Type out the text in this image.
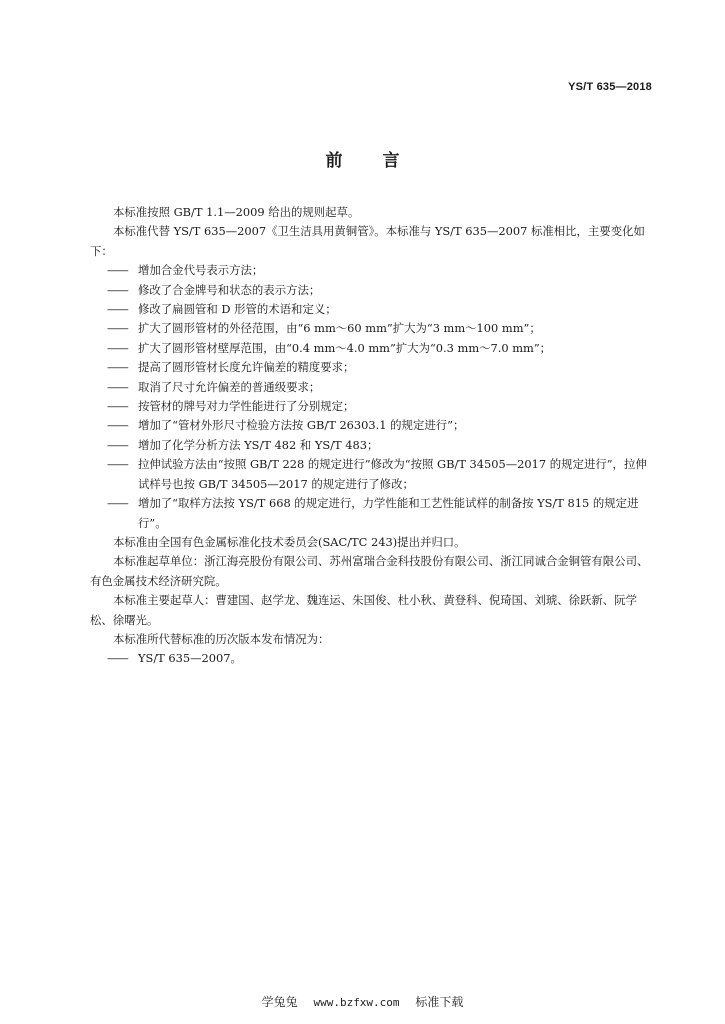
YS/T 635—2018
前 言

本标准按照 GB/T 1.1—2009 给出的规则起草。

本标准代替 YS/T 635—2007《卫生洁具用黄铜管》。本标准与 YS/T 635—2007 标准相比，主要变化如下：

—— 增加合金代号表示方法；

—— 修改了合金牌号和状态的表示方法；

—— 修改了扁圆管和 D 形管的术语和定义；

—— 扩大了圆形管材的外径范围，由“6 mm～60 mm”扩大为“3 mm～100 mm”；

—— 扩大了圆形管材壁厚范围，由“0.4 mm～4.0 mm”扩大为“0.3 mm～7.0 mm”；

—— 提高了圆形管材长度允许偏差的精度要求；

—— 取消了尺寸允许偏差的普通级要求；

—— 按管材的牌号对力学性能进行了分别规定；

—— 增加了“管材外形尺寸检验方法按 GB/T 26303.1 的规定进行”；

—— 增加了化学分析方法 YS/T 482 和 YS/T 483；

—— 拉伸试验方法由“按照 GB/T 228 的规定进行”修改为“按照 GB/T 34505—2017 的规定进行”，拉伸试样号也按 GB/T 34505—2017 的规定进行了修改；

—— 增加了“取样方法按 YS/T 668 的规定进行，力学性能和工艺性能试样的制备按 YS/T 815 的规定进行”。

本标准由全国有色金属标准化技术委员会(SAC/TC 243)提出并归口。

本标准起草单位：浙江海亮股份有限公司、苏州富瑞合金科技股份有限公司、浙江同诚合金铜管有限公司、有色金属技术经济研究院。

本标准主要起草人：曹建国、赵学龙、魏连运、朱国俊、杜小秋、黄登科、倪琦国、刘琥、徐跃新、阮学松、徐曙光。

本标准所代替标准的历次版本发布情况为：

—— YS/T 635—2007。

学兔兔 www.bzfxw.com 标准下载
